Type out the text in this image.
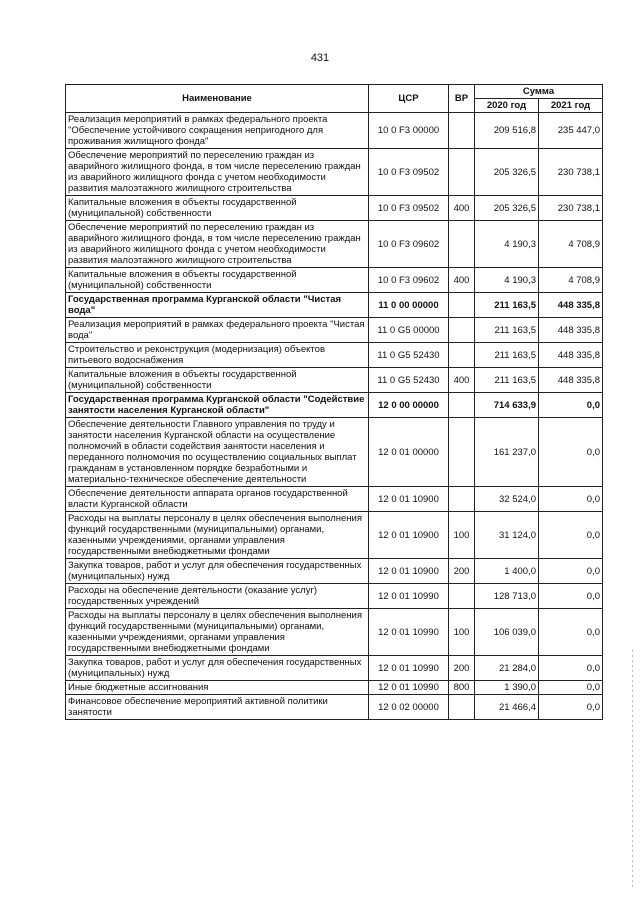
431
Наименование	ЦСР	ВР	Сумма	
			2020 год	2021 год
Реализация мероприятий в рамках федерального проекта "Обеспечение устойчивого сокращения непригодного для проживания жилищного фонда"	10 0 F3 00000		209 516,8	235 447,0
Обеспечение мероприятий по переселению граждан из аварийного жилищного фонда, в том числе переселению граждан из аварийного жилищного фонда с учетом необходимости развития малоэтажного жилищного строительства	10 0 F3 09502		205 326,5	230 738,1
Капитальные вложения в объекты государственной (муниципальной) собственности	10 0 F3 09502	400	205 326,5	230 738,1
Обеспечение мероприятий по переселению граждан из аварийного жилищного фонда, в том числе переселению граждан из аварийного жилищного фонда с учетом необходимости развития малоэтажного жилищного строительства	10 0 F3 09602		4 190,3	4 708,9
Капитальные вложения в объекты государственной (муниципальной) собственности	10 0 F3 09602	400	4 190,3	4 708,9
Государственная программа Курганской области "Чистая вода"	11 0 00 00000		211 163,5	448 335,8
Реализация мероприятий в рамках федерального проекта "Чистая вода"	11 0 G5 00000		211 163,5	448 335,8
Строительство и реконструкция (модернизация) объектов питьевого водоснабжения	11 0 G5 52430		211 163,5	448 335,8
Капитальные вложения в объекты государственной (муниципальной) собственности	11 0 G5 52430	400	211 163,5	448 335,8
Государственная программа Курганской области "Содействие занятости населения Курганской области"	12 0 00 00000		714 633,9	0,0
Обеспечение деятельности Главного управления по труду и занятости населения Курганской области на осуществление полномочий в области содействия занятости населения и переданного полномочия по осуществлению социальных выплат гражданам в установленном порядке безработными и материально-техническое обеспечение деятельности	12 0 01 00000		161 237,0	0,0
Обеспечение деятельности аппарата органов государственной власти Курганской области	12 0 01 10900		32 524,0	0,0
Расходы на выплаты персоналу в целях обеспечения выполнения функций государственными (муниципальными) органами, казенными учреждениями, органами управления государственными внебюджетными фондами	12 0 01 10900	100	31 124,0	0,0
Закупка товаров, работ и услуг для обеспечения государственных (муниципальных) нужд	12 0 01 10900	200	1 400,0	0,0
Расходы на обеспечение деятельности (оказание услуг) государственных учреждений	12 0 01 10990		128 713,0	0,0
Расходы на выплаты персоналу в целях обеспечения выполнения функций государственными (муниципальными) органами, казенными учреждениями, органами управления государственными внебюджетными фондами	12 0 01 10990	100	106 039,0	0,0
Закупка товаров, работ и услуг для обеспечения государственных (муниципальных) нужд	12 0 01 10990	200	21 284,0	0,0
Иные бюджетные ассигнования	12 0 01 10990	800	1 390,0	0,0
Финансовое обеспечение мероприятий активной политики занятости	12 0 02 00000		21 466,4	0,0
